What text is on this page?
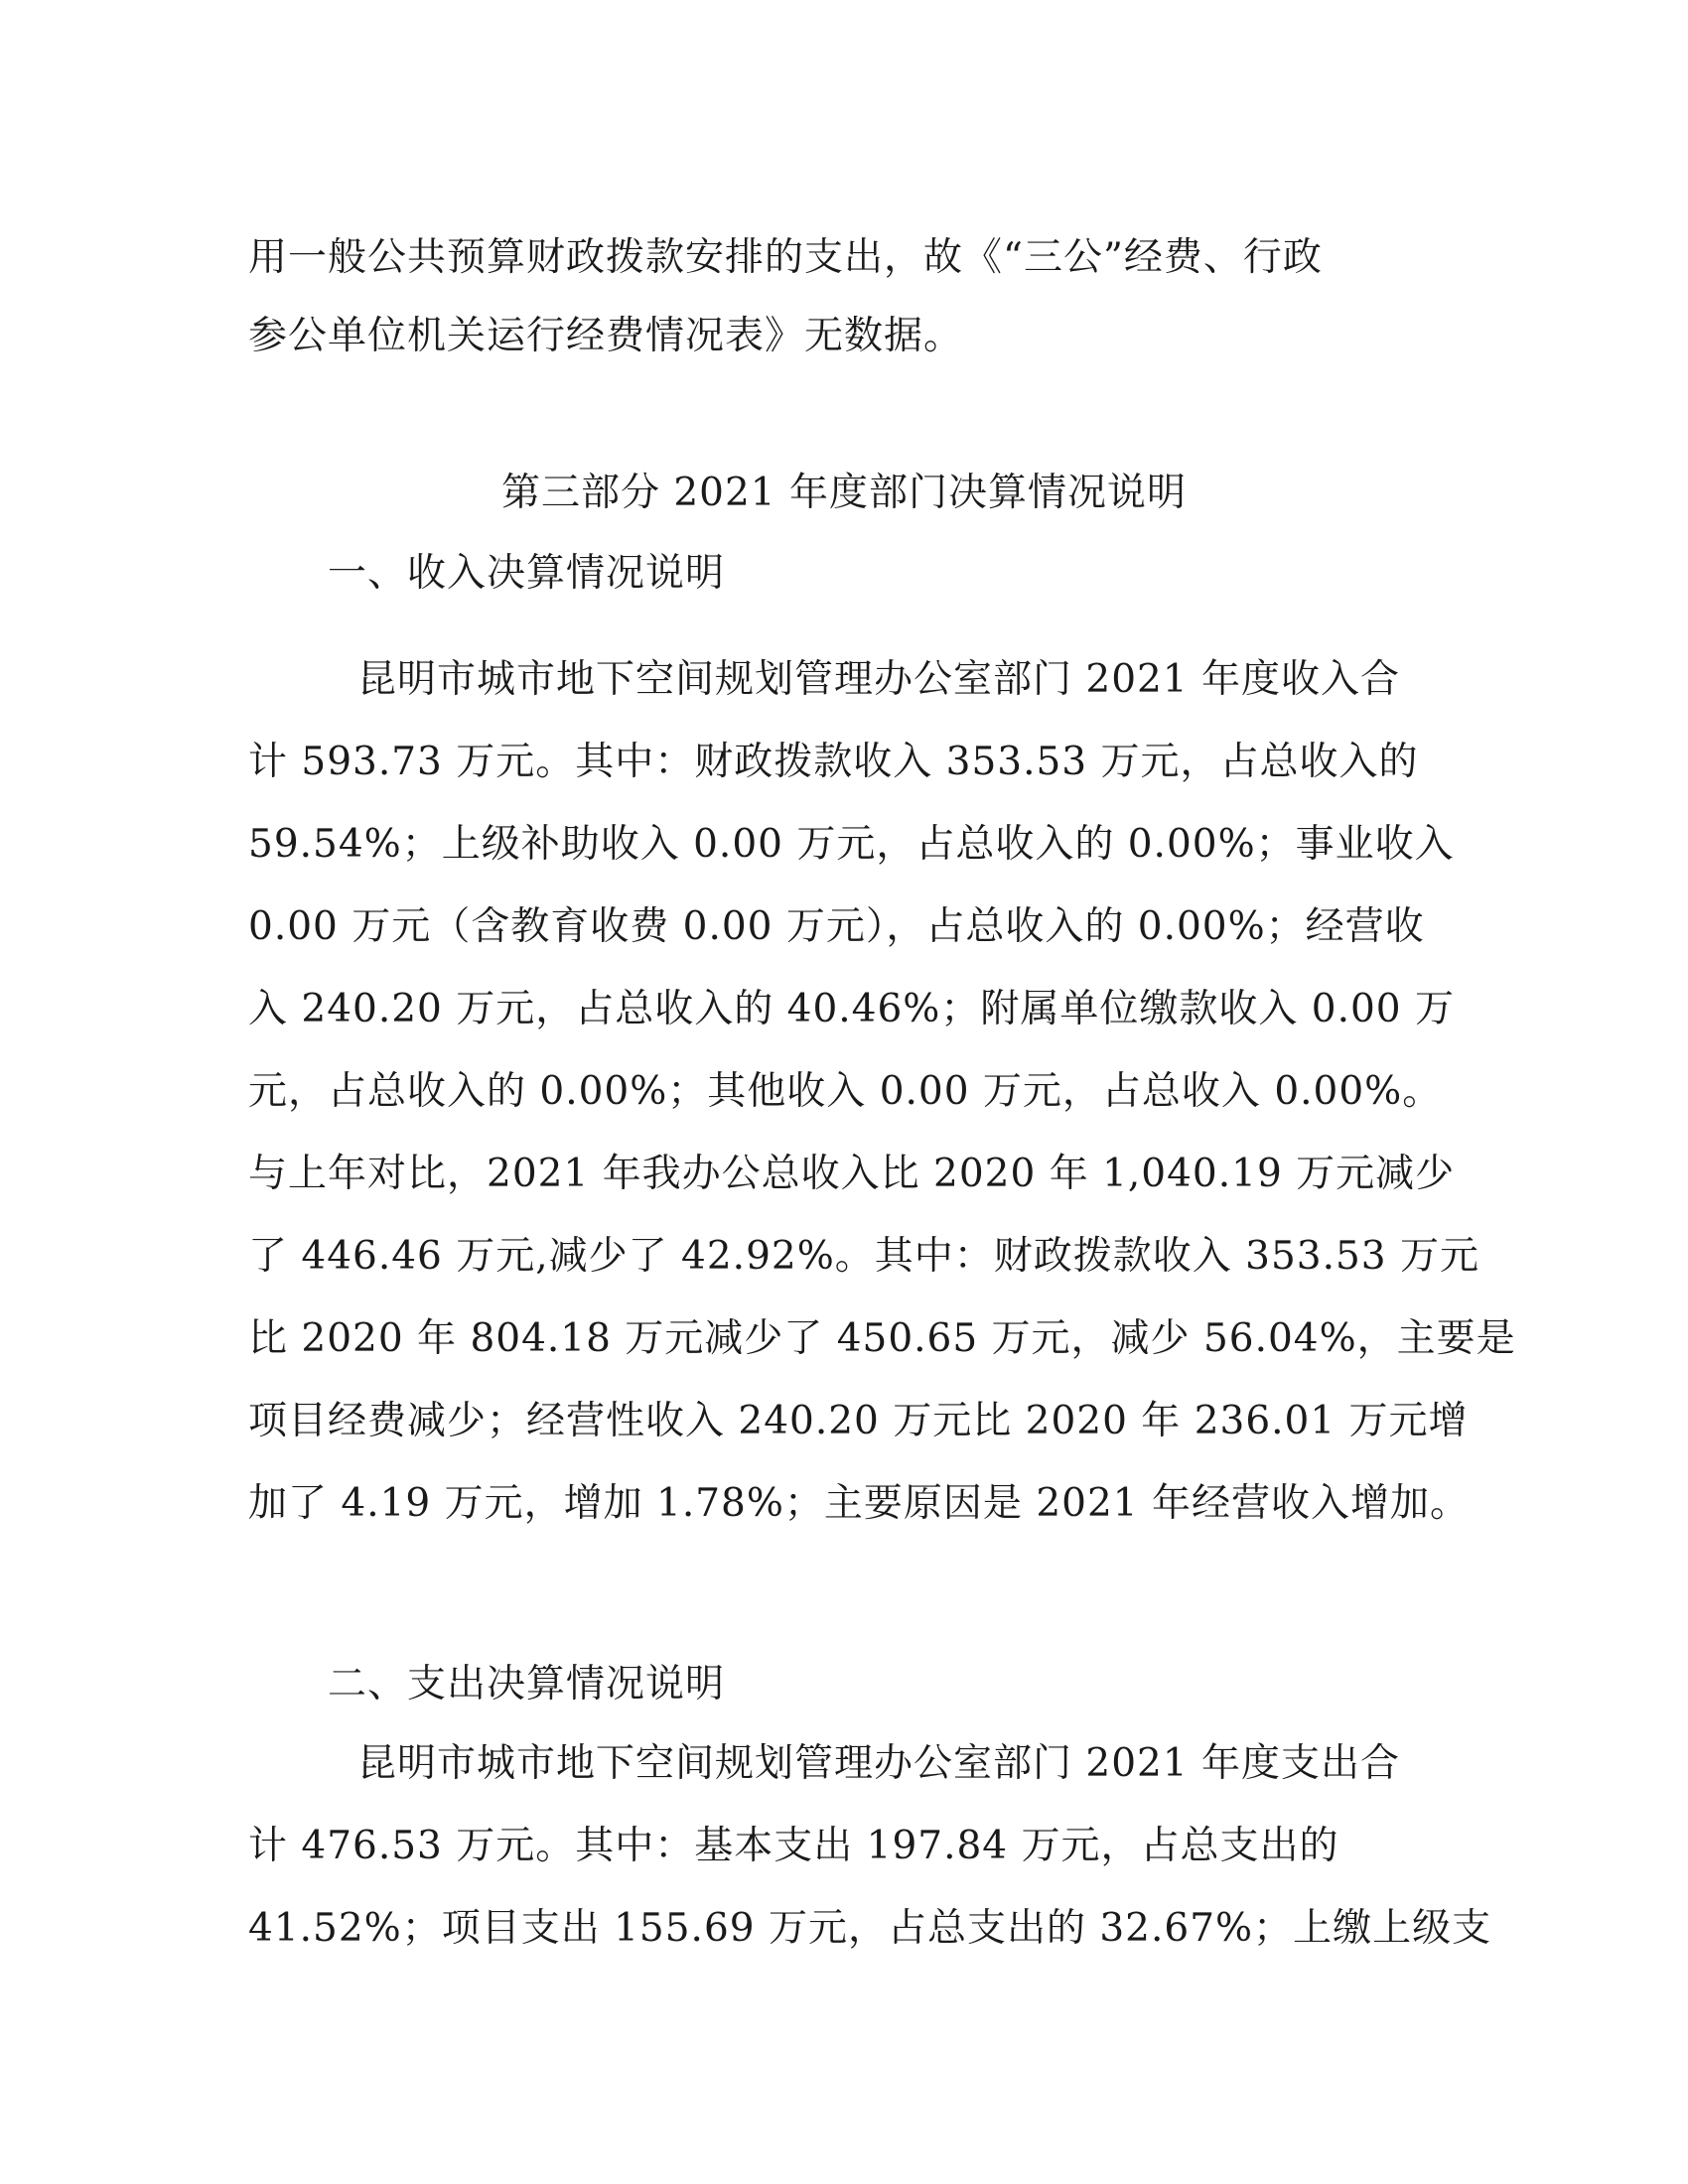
用一般公共预算财政拨款安排的支出，故《“三公”经费、行政

参公单位机关运行经费情况表》无数据。

第三部分 2021 年度部门决算情况说明

一、收入决算情况说明

昆明市城市地下空间规划管理办公室部门 2021 年度收入合

计 593.73 万元。其中：财政拨款收入 353.53 万元，占总收入的

59.54%；上级补助收入 0.00 万元，占总收入的 0.00%；事业收入

0.00 万元（含教育收费 0.00 万元），占总收入的 0.00%；经营收

入 240.20 万元，占总收入的 40.46%；附属单位缴款收入 0.00 万

元，占总收入的 0.00%；其他收入 0.00 万元，占总收入 0.00%。

与上年对比，2021 年我办公总收入比 2020 年 1,040.19 万元减少

了 446.46 万元,减少了 42.92%。其中：财政拨款收入 353.53 万元

比 2020 年 804.18 万元减少了 450.65 万元，减少 56.04%，主要是

项目经费减少；经营性收入 240.20 万元比 2020 年 236.01 万元增

加了 4.19 万元，增加 1.78%；主要原因是 2021 年经营收入增加。

二、支出决算情况说明

昆明市城市地下空间规划管理办公室部门 2021 年度支出合

计 476.53 万元。其中：基本支出 197.84 万元，占总支出的

41.52%；项目支出 155.69 万元，占总支出的 32.67%；上缴上级支
